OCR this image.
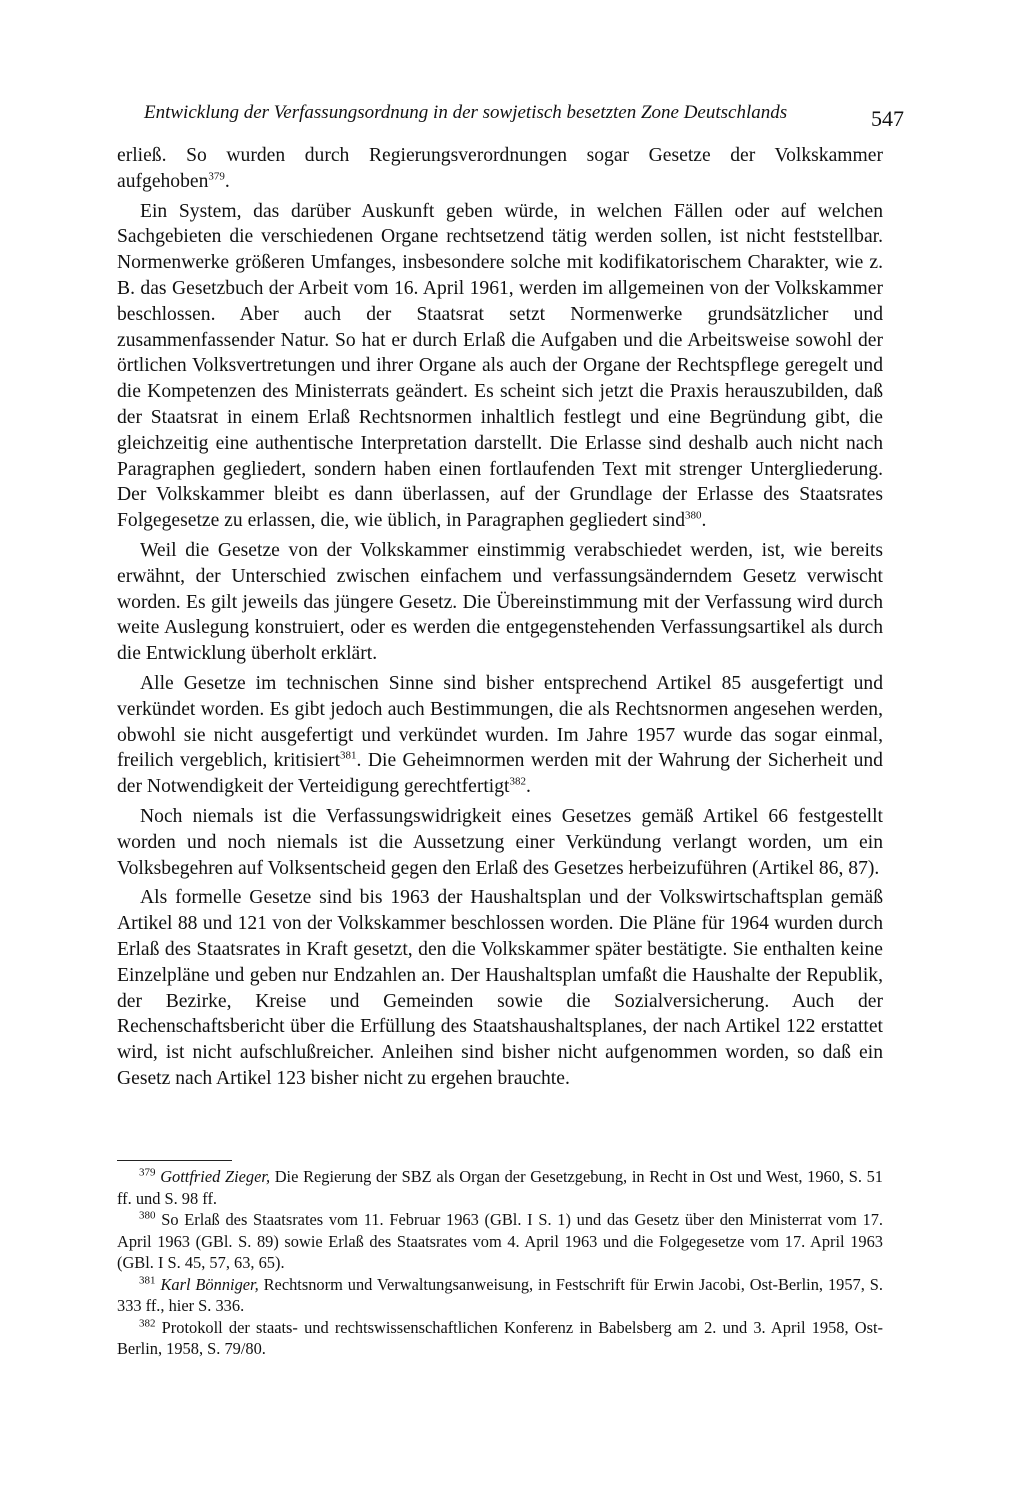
Entwicklung der Verfassungsordnung in der sowjetisch besetzten Zone Deutschlands	547

erließ. So wurden durch Regierungsverordnungen sogar Gesetze der Volkskammer aufgehoben$^{379}$.

Ein System, das darüber Auskunft geben würde, in welchen Fällen oder auf welchen Sachgebieten die verschiedenen Organe rechtsetzend tätig werden sollen, ist nicht feststellbar. Normenwerke größeren Umfanges, insbesondere solche mit kodifikatorischem Charakter, wie z. B. das Gesetzbuch der Arbeit vom 16. April 1961, werden im allgemeinen von der Volkskammer beschlossen. Aber auch der Staatsrat setzt Normenwerke grundsätzlicher und zusammenfassender Natur. So hat er durch Erlaß die Aufgaben und die Arbeitsweise sowohl der örtlichen Volksvertretungen und ihrer Organe als auch der Organe der Rechtspflege geregelt und die Kompetenzen des Ministerrats geändert. Es scheint sich jetzt die Praxis herauszubilden, daß der Staatsrat in einem Erlaß Rechtsnormen inhaltlich festlegt und eine Begründung gibt, die gleichzeitig eine authentische Interpretation darstellt. Die Erlasse sind deshalb auch nicht nach Paragraphen gegliedert, sondern haben einen fortlaufenden Text mit strenger Untergliederung. Der Volkskammer bleibt es dann überlassen, auf der Grundlage der Erlasse des Staatsrates Folgegesetze zu erlassen, die, wie üblich, in Paragraphen gegliedert sind$^{380}$.

Weil die Gesetze von der Volkskammer einstimmig verabschiedet werden, ist, wie bereits erwähnt, der Unterschied zwischen einfachem und verfassungsänderndem Gesetz verwischt worden. Es gilt jeweils das jüngere Gesetz. Die Übereinstimmung mit der Verfassung wird durch weite Auslegung konstruiert, oder es werden die entgegenstehenden Verfassungsartikel als durch die Entwicklung überholt erklärt.

Alle Gesetze im technischen Sinne sind bisher entsprechend Artikel 85 ausgefertigt und verkündet worden. Es gibt jedoch auch Bestimmungen, die als Rechtsnormen angesehen werden, obwohl sie nicht ausgefertigt und verkündet wurden. Im Jahre 1957 wurde das sogar einmal, freilich vergeblich, kritisiert$^{381}$. Die Geheimnormen werden mit der Wahrung der Sicherheit und der Notwendigkeit der Verteidigung gerechtfertigt$^{382}$.

Noch niemals ist die Verfassungswidrigkeit eines Gesetzes gemäß Artikel 66 festgestellt worden und noch niemals ist die Aussetzung einer Verkündung verlangt worden, um ein Volksbegehren auf Volksentscheid gegen den Erlaß des Gesetzes herbeizuführen (Artikel 86, 87).

Als formelle Gesetze sind bis 1963 der Haushaltsplan und der Volkswirtschaftsplan gemäß Artikel 88 und 121 von der Volkskammer beschlossen worden. Die Pläne für 1964 wurden durch Erlaß des Staatsrates in Kraft gesetzt, den die Volkskammer später bestätigte. Sie enthalten keine Einzelpläne und geben nur Endzahlen an. Der Haushaltsplan umfaßt die Haushalte der Republik, der Bezirke, Kreise und Gemeinden sowie die Sozialversicherung. Auch der Rechenschaftsbericht über die Erfüllung des Staatshaushaltsplanes, der nach Artikel 122 erstattet wird, ist nicht aufschlußreicher. Anleihen sind bisher nicht aufgenommen worden, so daß ein Gesetz nach Artikel 123 bisher nicht zu ergehen brauchte.

$^{379}$ Gottfried Zieger, Die Regierung der SBZ als Organ der Gesetzgebung, in Recht in Ost und West, 1960, S. 51 ff. und S. 98 ff.

$^{380}$ So Erlaß des Staatsrates vom 11. Februar 1963 (GBl. I S. 1) und das Gesetz über den Ministerrat vom 17. April 1963 (GBl. S. 89) sowie Erlaß des Staatsrates vom 4. April 1963 und die Folgegesetze vom 17. April 1963 (GBl. I S. 45, 57, 63, 65).

$^{381}$ Karl Bönniger, Rechtsnorm und Verwaltungsanweisung, in Festschrift für Erwin Jacobi, Ost-Berlin, 1957, S. 333 ff., hier S. 336.

$^{382}$ Protokoll der staats- und rechtswissenschaftlichen Konferenz in Babelsberg am 2. und 3. April 1958, Ost-Berlin, 1958, S. 79/80.
